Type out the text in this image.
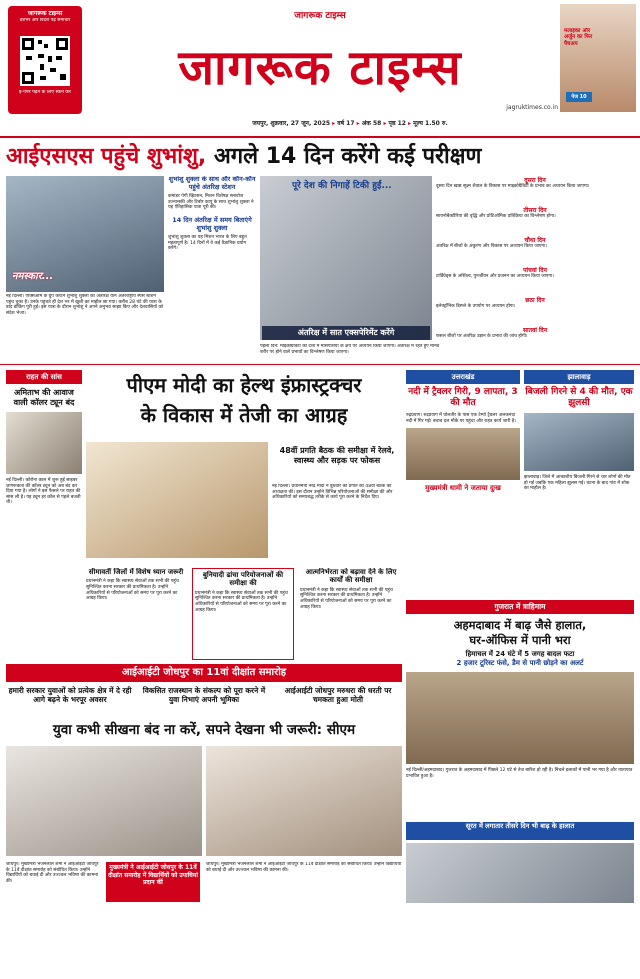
जागरूक टाइम्स
देशभर और विदेश पढ़ें समाचार
ई-पेपर पढ़ने के लिए स्कैन करें
जागरूक टाइम्स
जागरूक टाइम्स
jagruktimes.co.in
मलाइका और अर्जुन का फिर पैचअप
पेज 10
जयपुर, शुक्रवार, 27 जून, 2025 ▸ वर्ष 17 ▸ अंक 58 ▸ पृष्ठ 12 ▸ मूल्य 1.50 रु.
आईएसएस पहुंचे शुभांशु, अगले 14 दिन करेंगे कई परीक्षण
नमस्कार...
नई दिल्ली। एक्सिओम के ग्रुप कैप्टन शुभांशु शुक्ला का अंतरिक्ष यान अंतरराष्ट्रीय स्पेस स्टेशन पहुंच चुका है। उनके पहुंचते ही देश भर में खुशी का माहौल छा गया। करीब 28 घंटे की यात्रा के बाद डॉकिंग पूरी हुई। इस यात्रा के दौरान शुभांशु ने अपने अनुभव साझा किए और देशवासियों को संदेश भेजा।
शुभांशु शुक्ला के साथ और कौन-कौन पहुंचे अंतरिक्ष स्टेशन
कमांडर पेगी व्हिटसन, मिशन विशेषज्ञ स्लावोज उज्नान्स्की और टिबोर कापू के साथ शुभांशु शुक्ला ने यह ऐतिहासिक यात्रा पूरी की।
14 दिन अंतरिक्ष में समय बिताएंगे शुभांशु शुक्ला
शुभांशु शुक्ला का यह मिशन भारत के लिए बहुत महत्वपूर्ण है। 14 दिनों में वे कई वैज्ञानिक प्रयोग करेंगे।
पूरे देश की निगाहें टिकी हुईं...
अंतरिक्ष में सात एक्सपेरिमेंट करेंगे
पहला दिन: माइक्रोग्रैविटी की दशा में मांसपेशियों के क्षय पर अध्ययन किया जाएगा। अंतरिक्ष में रहते हुए मानव शरीर पर होने वाले प्रभावों का विश्लेषण किया जाएगा।
दूसरा दिन
दूसरा दिन खाद्य सूक्ष्म शैवाल के विकास पर माइक्रोग्रैविटी के प्रभाव का अध्ययन किया जाएगा।
तीसरा दिन
सायनोबैक्टीरिया की वृद्धि और प्रोटिओमिक प्रतिक्रिया का विश्लेषण होगा।
चौथा दिन
अंतरिक्ष में बीजों के अंकुरण और विकास पर अध्ययन किया जाएगा।
पांचवां दिन
टार्डिग्रेड्स के अस्तित्व, पुनर्जीवन और प्रजनन का अध्ययन किया जाएगा।
छठा दिन
इलेक्ट्रॉनिक डिस्प्ले के उपयोग पर अध्ययन होगा।
सातवां दिन
फसल बीजों पर अंतरिक्ष उड़ान के प्रभाव की जांच होगी।
राहत की सांस
अमिताभ की आवाज वाली कॉलर ट्यून बंद
नई दिल्ली। कोरोना काल में शुरू हुई साइबर जागरूकता की कॉलर ट्यून को अब बंद कर दिया गया है। लोगों ने इस फैसले पर राहत की सांस ली है। यह ट्यून हर कॉल से पहले बजती थी।
पीएम मोदी का हेल्थ इंफ्रास्ट्रक्चर
के विकास में तेजी का आग्रह
48वीं प्रगति बैठक की समीक्षा में रेलवे, स्वास्थ्य और सड़क पर फोकस
नई दिल्ली। प्रधानमंत्री नरेंद्र मोदी ने बुधवार को प्रगति की 48वीं बैठक की अध्यक्षता की। इस दौरान उन्होंने विभिन्न परियोजनाओं की समीक्षा की और अधिकारियों को समयबद्ध तरीके से कार्य पूरा करने के निर्देश दिए।
सीमावर्ती जिलों में विशेष ध्यान जरूरी
प्रधानमंत्री ने कहा कि स्वास्थ्य सेवाओं तक सभी की पहुंच सुनिश्चित करना सरकार की प्राथमिकता है। उन्होंने अधिकारियों से परियोजनाओं को समय पर पूरा करने का आग्रह किया।
बुनियादी ढांचा परियोजनाओं की समीक्षा की
प्रधानमंत्री ने कहा कि स्वास्थ्य सेवाओं तक सभी की पहुंच सुनिश्चित करना सरकार की प्राथमिकता है। उन्होंने अधिकारियों से परियोजनाओं को समय पर पूरा करने का आग्रह किया।
आत्मनिर्भरता को बढ़ावा देने के लिए कार्यों की समीक्षा
प्रधानमंत्री ने कहा कि स्वास्थ्य सेवाओं तक सभी की पहुंच सुनिश्चित करना सरकार की प्राथमिकता है। उन्होंने अधिकारियों से परियोजनाओं को समय पर पूरा करने का आग्रह किया।
उत्तराखंड
नदी में ट्रैवलर गिरी, 9 लापता, 3 की मौत
रुद्रप्रयाग। रुद्रप्रयाग में घोलतीर के पास एक टेम्पो ट्रैवलर अलकनंदा नदी में गिर गई। बचाव दल मौके पर पहुंचा और राहत कार्य जारी है।
मुख्यमंत्री धामी ने जताया दुःख
झालावाड़
बिजली गिरने से 4 की मौत, एक झुलसी
झालावाड़। जिले में आकाशीय बिजली गिरने से चार लोगों की मौत हो गई जबकि एक महिला झुलस गई। घटना के बाद गांव में शोक का माहौल है।
गुजरात में त्राहिमाम
अहमदाबाद में बाढ़ जैसे हालात,
घर-ऑफिस में पानी भरा
हिमाचल में 24 घंटे में 5 जगह बादल फटा
2 हजार टूरिस्ट फंसे, डैम से पानी छोड़ने का अलर्ट
नई दिल्ली/अहमदाबाद। गुजरात के अहमदाबाद में पिछले 12 घंटे से तेज बारिश हो रही है। निचले इलाकों में पानी भर गया है और यातायात प्रभावित हुआ है।
सूरत में लगातार तीसरे दिन भी बाढ़ के हालात
आईआईटी जोधपुर का 11वां दीक्षांत समारोह
हमारी सरकार युवाओं को प्रत्येक क्षेत्र में दे रही आगे बढ़ने के भरपूर अवसर
विकसित राजस्थान के संकल्प को पूरा करने में युवा निभाएं अपनी भूमिका
आईआईटी जोधपुर मरुधरा की धरती पर चमकता हुआ मोती
युवा कभी सीखना बंद ना करें, सपने देखना भी जरूरी: सीएम
जोधपुर। मुख्यमंत्री भजनलाल शर्मा ने आईआईटी जोधपुर के 11वें दीक्षांत समारोह को संबोधित किया। उन्होंने विद्यार्थियों को बधाई दी और उज्ज्वल भविष्य की कामना की।
मुख्यमंत्री ने आईआईटी जोधपुर के 11वें दीक्षांत समारोह में विद्यार्थियों को उपाधियां प्रदान कीं
जोधपुर। मुख्यमंत्री भजनलाल शर्मा ने आईआईटी जोधपुर के 11वें दीक्षांत समारोह को संबोधित किया। उन्होंने विद्यार्थियों को बधाई दी और उज्ज्वल भविष्य की कामना की।
